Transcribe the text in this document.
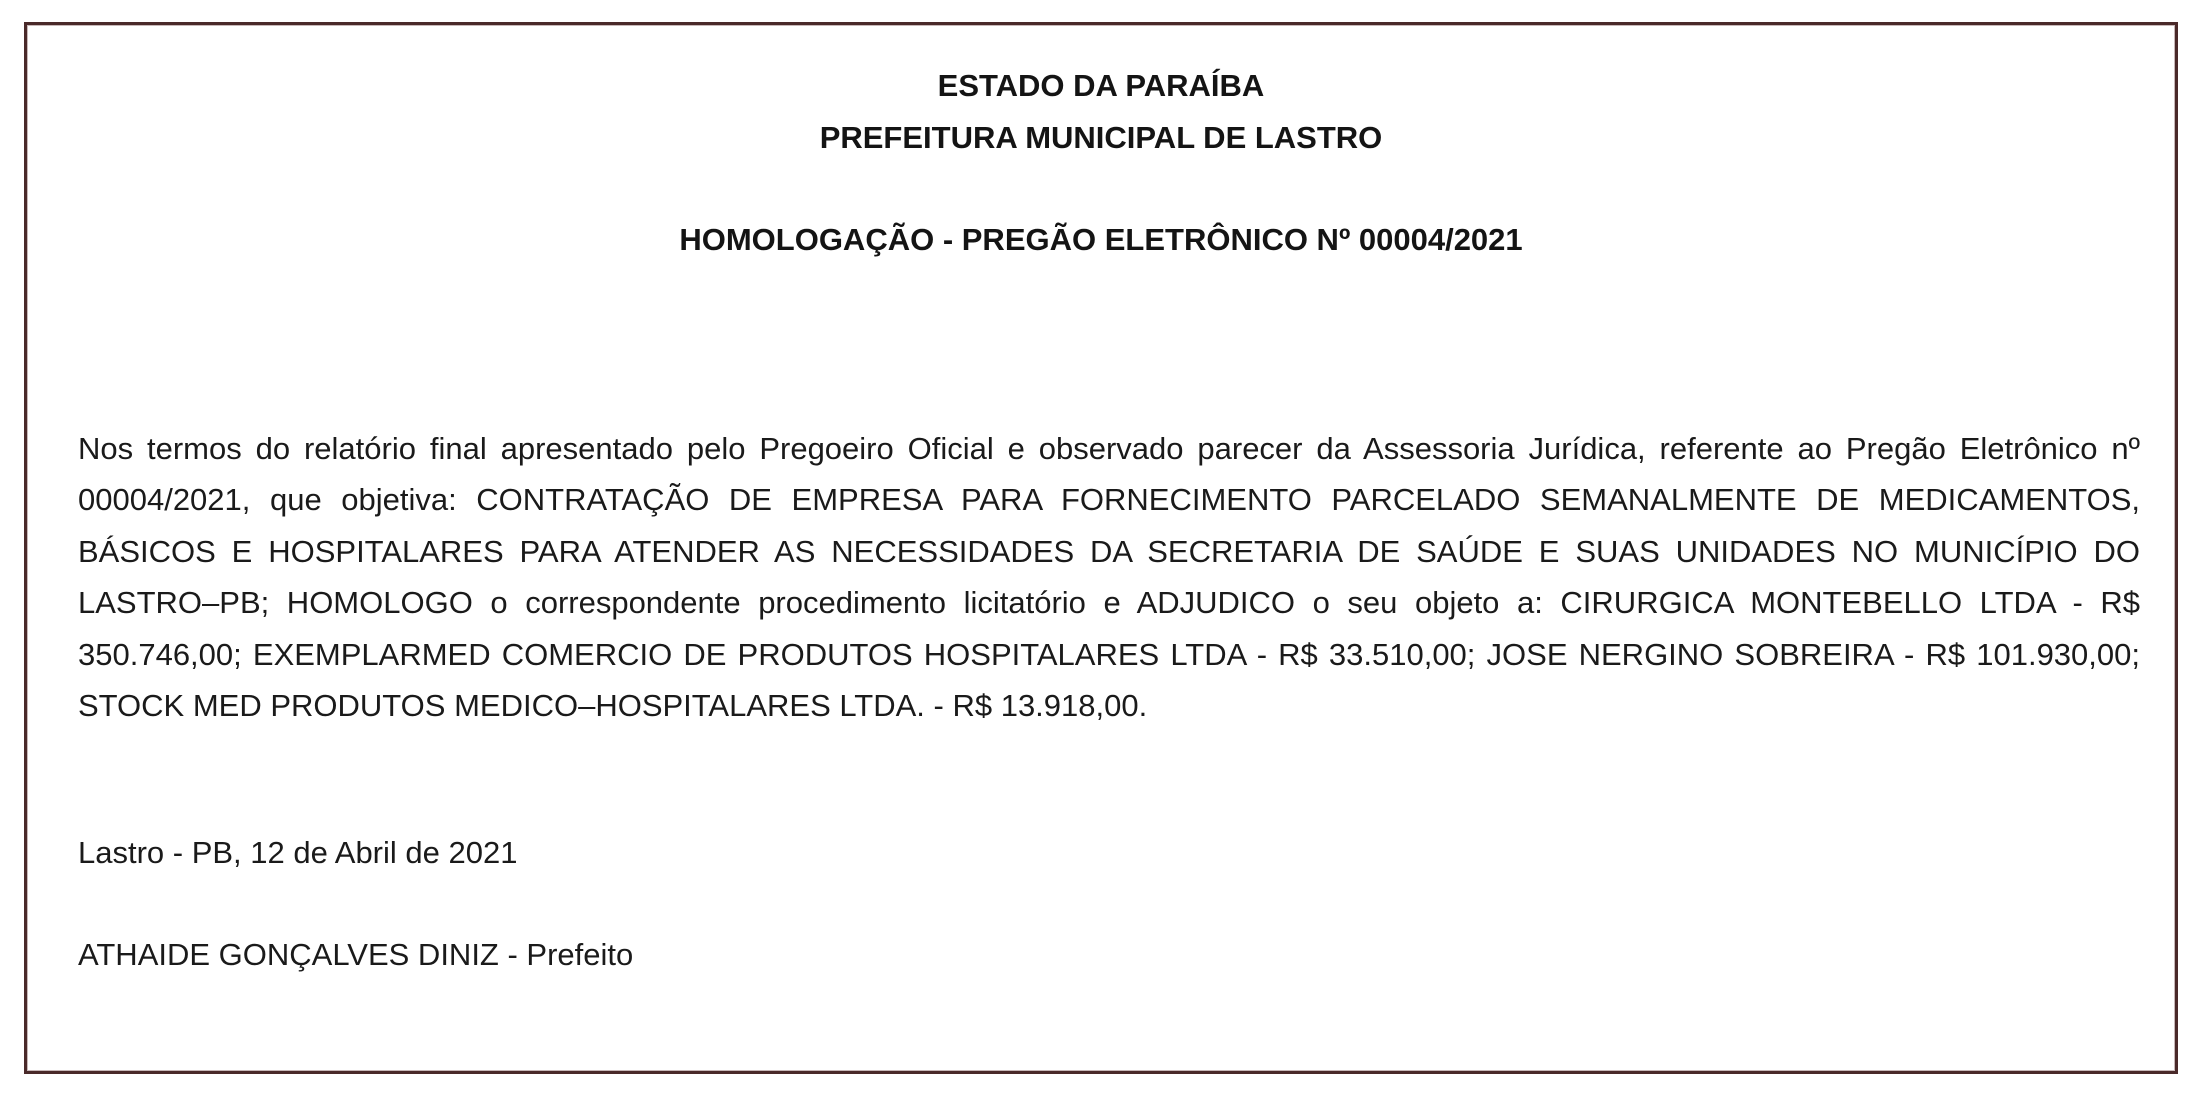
ESTADO DA PARAÍBA

PREFEITURA MUNICIPAL DE LASTRO

HOMOLOGAÇÃO - PREGÃO ELETRÔNICO Nº 00004/2021

Nos termos do relatório final apresentado pelo Pregoeiro Oficial e observado parecer da Assessoria Jurídica, referente ao Pregão Eletrônico nº 00004/2021, que objetiva: CONTRATAÇÃO DE EMPRESA PARA FORNECIMENTO PARCELADO SEMANALMENTE DE MEDICAMENTOS, BÁSICOS E HOSPITALARES PARA ATENDER AS NECESSIDADES DA SECRETARIA DE SAÚDE E SUAS UNIDADES NO MUNICÍPIO DO LASTRO–PB; HOMOLOGO o correspondente procedimento licitatório e ADJUDICO o seu objeto a: CIRURGICA MONTEBELLO LTDA - R$ 350.746,00; EXEMPLARMED COMERCIO DE PRODUTOS HOSPITALARES LTDA - R$ 33.510,00; JOSE NERGINO SOBREIRA - R$ 101.930,00; STOCK MED PRODUTOS MEDICO–HOSPITALARES LTDA. - R$ 13.918,00.

Lastro - PB, 12 de Abril de 2021

ATHAIDE GONÇALVES DINIZ - Prefeito
